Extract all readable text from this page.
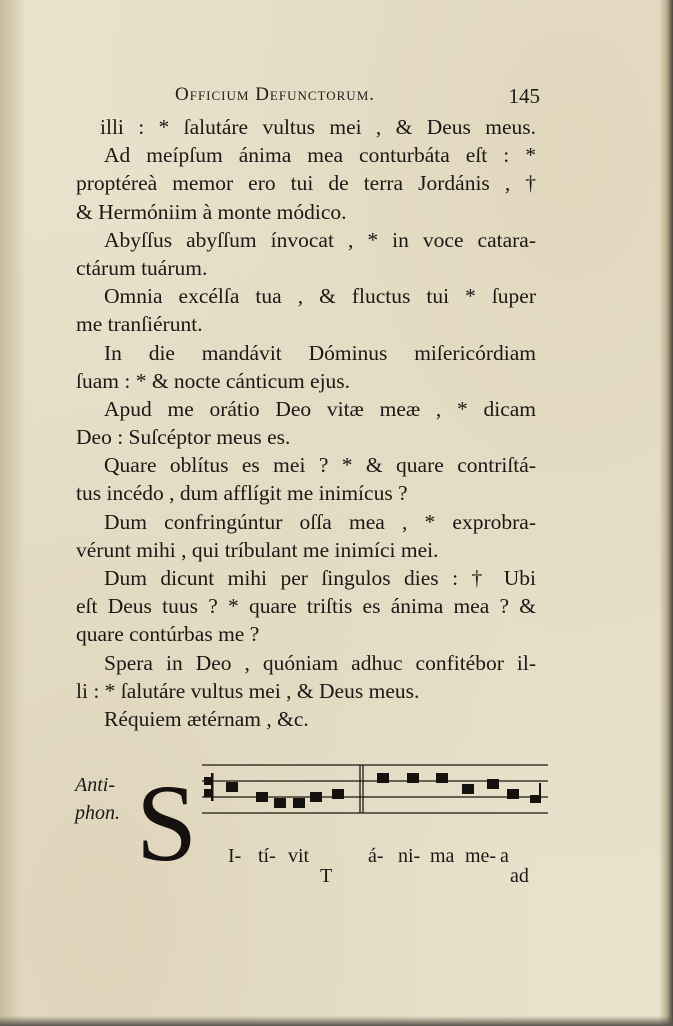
Officium Defunctorum.	145
illi : * ſalutáre vultus mei , & Deus meus.
Ad meípſum ánima mea conturbáta eſt : *
proptéreà memor ero tui de terra Jordánis , †
& Hermóniim à monte módico.
Abyſſus abyſſum ínvocat , * in voce catara-
ctárum tuárum.
Omnia excélſa tua , & fluctus tui * ſuper
me tranſiérunt.
In die mandávit Dóminus miſericórdiam
ſuam : * & nocte cánticum ejus.
Apud me orátio Deo vitæ meæ , * dicam
Deo : Suſcéptor meus es.
Quare oblítus es mei ? * & quare contriſtá-
tus incédo , dum afflígit me inimícus ?
Dum confringúntur oſſa mea , * exprobra-
vérunt mihi , qui tríbulant me inimíci mei.
Dum dicunt mihi per ſingulos dies : † Ubi
eſt Deus tuus ? * quare triſtis es ánima mea ? &
quare contúrbas me ?
Spera in Deo , quóniam adhuc confitébor il-
li : * ſalutáre vultus mei , & Deus meus.
Réquiem ætérnam , &c.
Anti-
phon. S I- tí- vit	á- ni- ma me- a
T	ad
